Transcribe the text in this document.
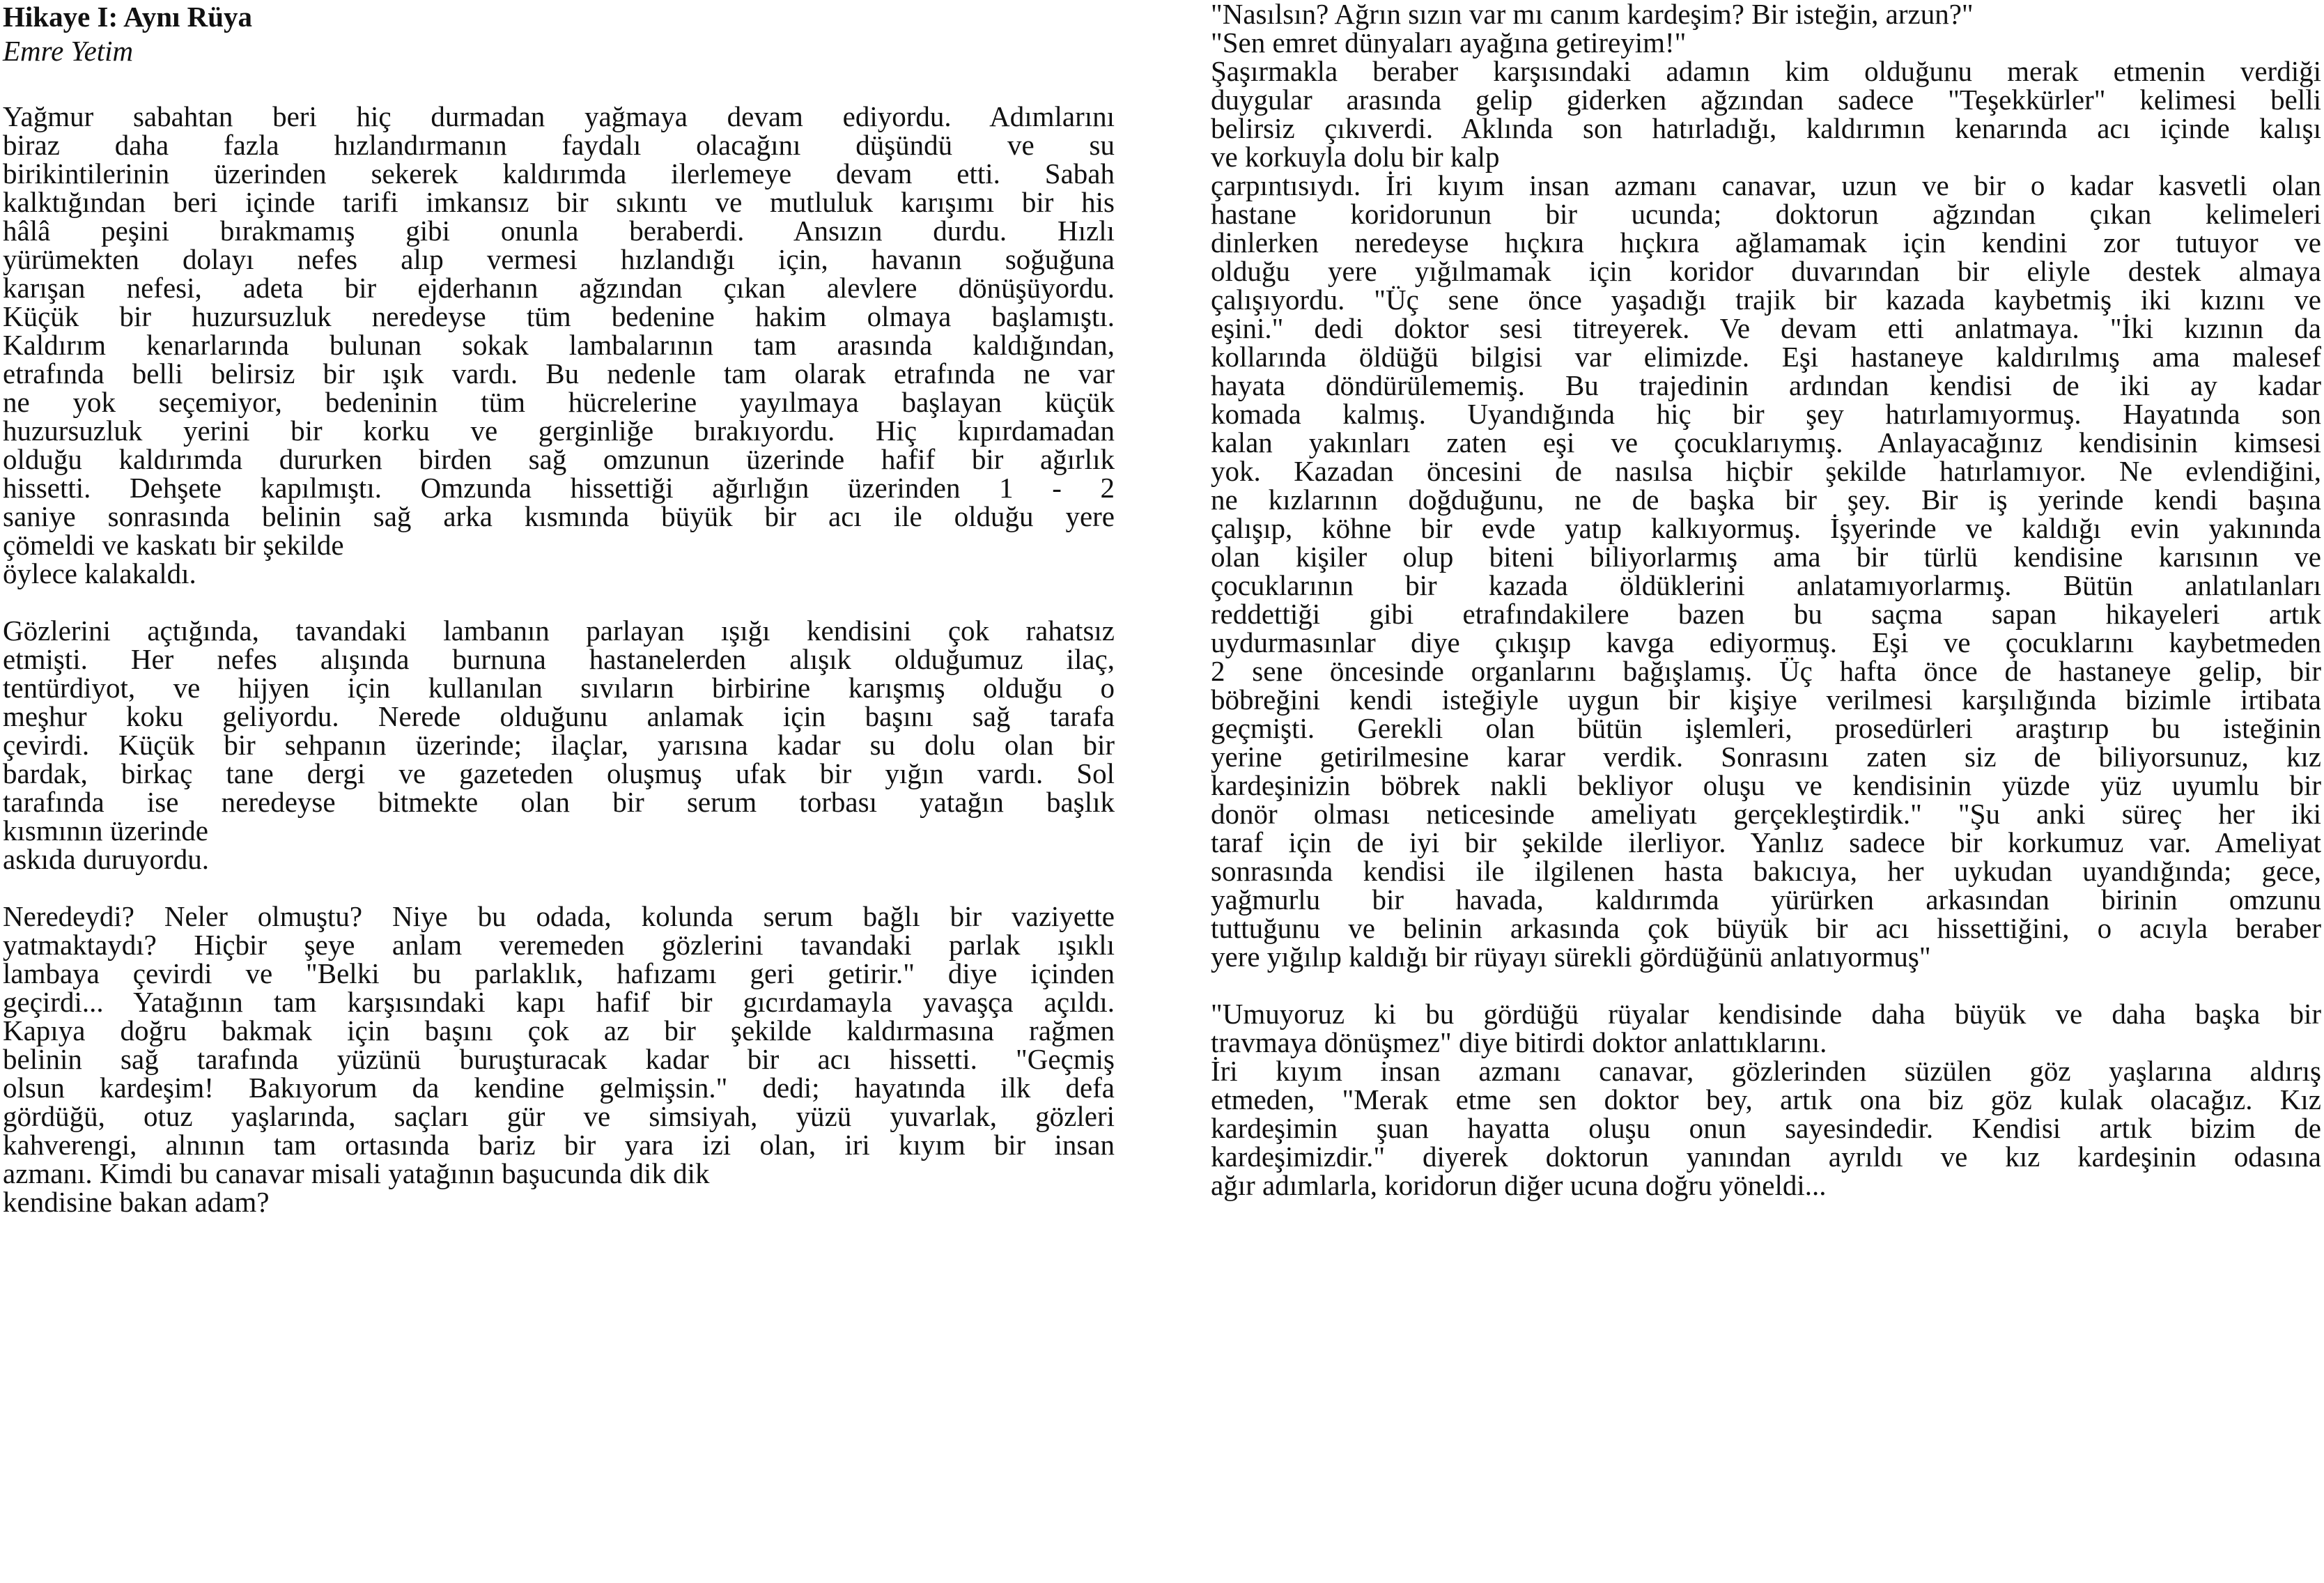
Hikaye I: Aynı Rüya
Emre Yetim
Yağmur sabahtan beri hiç durmadan yağmaya devam ediyordu. Adımlarını
biraz daha fazla hızlandırmanın faydalı olacağını düşündü ve su
birikintilerinin üzerinden sekerek kaldırımda ilerlemeye devam etti. Sabah
kalktığından beri içinde tarifi imkansız bir sıkıntı ve mutluluk karışımı bir his
hâlâ peşini bırakmamış gibi onunla beraberdi. Ansızın durdu. Hızlı
yürümekten dolayı nefes alıp vermesi hızlandığı için, havanın soğuğuna
karışan nefesi, adeta bir ejderhanın ağzından çıkan alevlere dönüşüyordu.
Küçük bir huzursuzluk neredeyse tüm bedenine hakim olmaya başlamıştı.
Kaldırım kenarlarında bulunan sokak lambalarının tam arasında kaldığından,
etrafında belli belirsiz bir ışık vardı. Bu nedenle tam olarak etrafında ne var
ne yok seçemiyor, bedeninin tüm hücrelerine yayılmaya başlayan küçük
huzursuzluk yerini bir korku ve gerginliğe bırakıyordu. Hiç kıpırdamadan
olduğu kaldırımda dururken birden sağ omzunun üzerinde hafif bir ağırlık
hissetti. Dehşete kapılmıştı. Omzunda hissettiği ağırlığın üzerinden 1 - 2
saniye sonrasında belinin sağ arka kısmında büyük bir acı ile olduğu yere
çömeldi ve kaskatı bir şekilde
öylece kalakaldı.
Gözlerini açtığında, tavandaki lambanın parlayan ışığı kendisini çok rahatsız
etmişti. Her nefes alışında burnuna hastanelerden alışık olduğumuz ilaç,
tentürdiyot, ve hijyen için kullanılan sıvıların birbirine karışmış olduğu o
meşhur koku geliyordu. Nerede olduğunu anlamak için başını sağ tarafa
çevirdi. Küçük bir sehpanın üzerinde; ilaçlar, yarısına kadar su dolu olan bir
bardak, birkaç tane dergi ve gazeteden oluşmuş ufak bir yığın vardı. Sol
tarafında ise neredeyse bitmekte olan bir serum torbası yatağın başlık
kısmının üzerinde
askıda duruyordu.
Neredeydi? Neler olmuştu? Niye bu odada, kolunda serum bağlı bir vaziyette
yatmaktaydı? Hiçbir şeye anlam veremeden gözlerini tavandaki parlak ışıklı
lambaya çevirdi ve "Belki bu parlaklık, hafızamı geri getirir." diye içinden
geçirdi... Yatağının tam karşısındaki kapı hafif bir gıcırdamayla yavaşça açıldı.
Kapıya doğru bakmak için başını çok az bir şekilde kaldırmasına rağmen
belinin sağ tarafında yüzünü buruşturacak kadar bir acı hissetti. "Geçmiş
olsun kardeşim! Bakıyorum da kendine gelmişsin." dedi; hayatında ilk defa
gördüğü, otuz yaşlarında, saçları gür ve simsiyah, yüzü yuvarlak, gözleri
kahverengi, alnının tam ortasında bariz bir yara izi olan, iri kıyım bir insan
azmanı. Kimdi bu canavar misali yatağının başucunda dik dik
kendisine bakan adam?
"Nasılsın? Ağrın sızın var mı canım kardeşim? Bir isteğin, arzun?"
"Sen emret dünyaları ayağına getireyim!"
Şaşırmakla beraber karşısındaki adamın kim olduğunu merak etmenin verdiği
duygular arasında gelip giderken ağzından sadece "Teşekkürler" kelimesi belli
belirsiz çıkıverdi. Aklında son hatırladığı, kaldırımın kenarında acı içinde kalışı
ve korkuyla dolu bir kalp
çarpıntısıydı. İri kıyım insan azmanı canavar, uzun ve bir o kadar kasvetli olan
hastane koridorunun bir ucunda; doktorun ağzından çıkan kelimeleri
dinlerken neredeyse hıçkıra hıçkıra ağlamamak için kendini zor tutuyor ve
olduğu yere yığılmamak için koridor duvarından bir eliyle destek almaya
çalışıyordu. "Üç sene önce yaşadığı trajik bir kazada kaybetmiş iki kızını ve
eşini." dedi doktor sesi titreyerek. Ve devam etti anlatmaya. "İki kızının da
kollarında öldüğü bilgisi var elimizde. Eşi hastaneye kaldırılmış ama malesef
hayata döndürülememiş. Bu trajedinin ardından kendisi de iki ay kadar
komada kalmış. Uyandığında hiç bir şey hatırlamıyormuş. Hayatında son
kalan yakınları zaten eşi ve çocuklarıymış. Anlayacağınız kendisinin kimsesi
yok. Kazadan öncesini de nasılsa hiçbir şekilde hatırlamıyor. Ne evlendiğini,
ne kızlarının doğduğunu, ne de başka bir şey. Bir iş yerinde kendi başına
çalışıp, köhne bir evde yatıp kalkıyormuş. İşyerinde ve kaldığı evin yakınında
olan kişiler olup biteni biliyorlarmış ama bir türlü kendisine karısının ve
çocuklarının bir kazada öldüklerini anlatamıyorlarmış. Bütün anlatılanları
reddettiği gibi etrafındakilere bazen bu saçma sapan hikayeleri artık
uydurmasınlar diye çıkışıp kavga ediyormuş. Eşi ve çocuklarını kaybetmeden
2 sene öncesinde organlarını bağışlamış. Üç hafta önce de hastaneye gelip, bir
böbreğini kendi isteğiyle uygun bir kişiye verilmesi karşılığında bizimle irtibata
geçmişti. Gerekli olan bütün işlemleri, prosedürleri araştırıp bu isteğinin
yerine getirilmesine karar verdik. Sonrasını zaten siz de biliyorsunuz, kız
kardeşinizin böbrek nakli bekliyor oluşu ve kendisinin yüzde yüz uyumlu bir
donör olması neticesinde ameliyatı gerçekleştirdik." "Şu anki süreç her iki
taraf için de iyi bir şekilde ilerliyor. Yanlız sadece bir korkumuz var. Ameliyat
sonrasında kendisi ile ilgilenen hasta bakıcıya, her uykudan uyandığında; gece,
yağmurlu bir havada, kaldırımda yürürken arkasından birinin omzunu
tuttuğunu ve belinin arkasında çok büyük bir acı hissettiğini, o acıyla beraber
yere yığılıp kaldığı bir rüyayı sürekli gördüğünü anlatıyormuş"
"Umuyoruz ki bu gördüğü rüyalar kendisinde daha büyük ve daha başka bir
travmaya dönüşmez" diye bitirdi doktor anlattıklarını.
İri kıyım insan azmanı canavar, gözlerinden süzülen göz yaşlarına aldırış
etmeden, "Merak etme sen doktor bey, artık ona biz göz kulak olacağız. Kız
kardeşimin şuan hayatta oluşu onun sayesindedir. Kendisi artık bizim de
kardeşimizdir." diyerek doktorun yanından ayrıldı ve kız kardeşinin odasına
ağır adımlarla, koridorun diğer ucuna doğru yöneldi...
